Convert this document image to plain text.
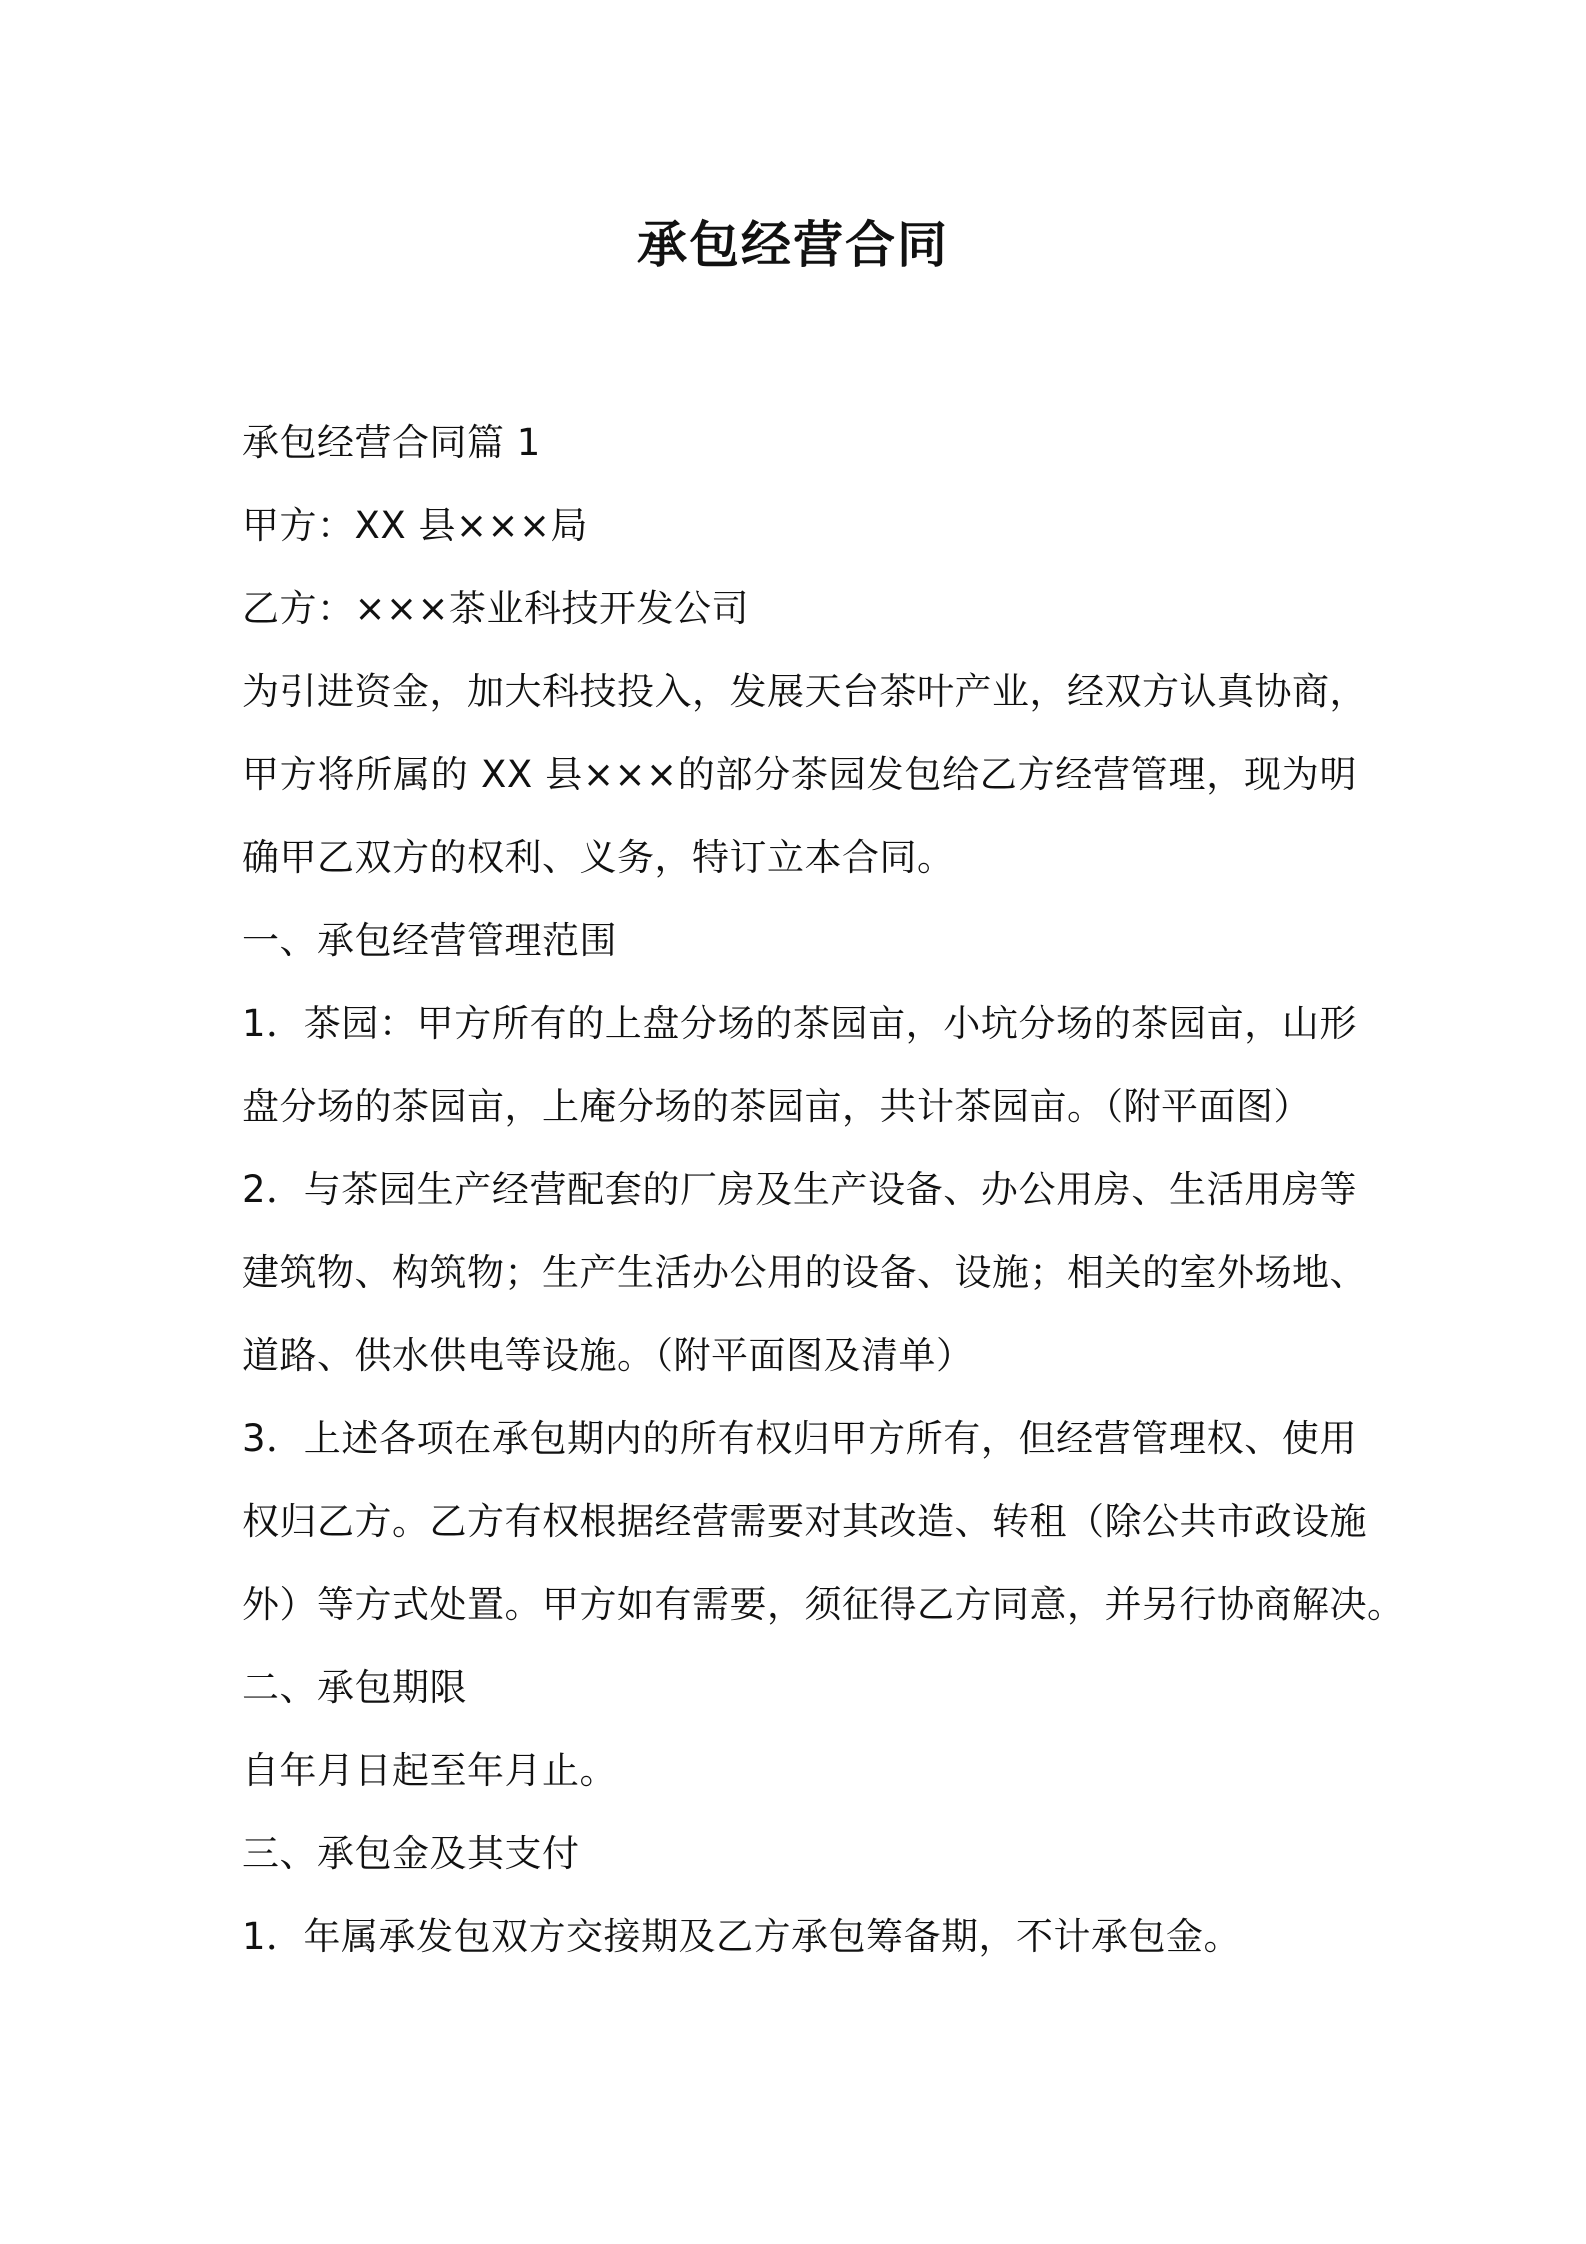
承包经营合同
承包经营合同篇 1
甲方：XX 县×××局
乙方：×××茶业科技开发公司
为引进资金，加大科技投入，发展天台茶叶产业，经双方认真协商，
甲方将所属的 XX 县×××的部分茶园发包给乙方经营管理，现为明
确甲乙双方的权利、义务，特订立本合同。
一、承包经营管理范围
1．茶园：甲方所有的上盘分场的茶园亩，小坑分场的茶园亩，山形
盘分场的茶园亩，上庵分场的茶园亩，共计茶园亩。（附平面图）
2．与茶园生产经营配套的厂房及生产设备、办公用房、生活用房等
建筑物、构筑物；生产生活办公用的设备、设施；相关的室外场地、
道路、供水供电等设施。（附平面图及清单）
3．上述各项在承包期内的所有权归甲方所有，但经营管理权、使用
权归乙方。乙方有权根据经营需要对其改造、转租（除公共市政设施
外）等方式处置。甲方如有需要，须征得乙方同意，并另行协商解决。
二、承包期限
自年月日起至年月止。
三、承包金及其支付
1．年属承发包双方交接期及乙方承包筹备期，不计承包金。
